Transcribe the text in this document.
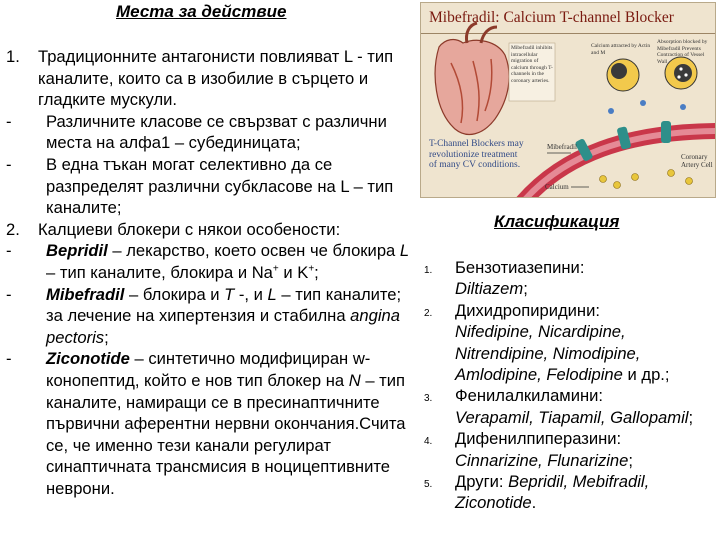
Места за действие
1. Традиционните антагонисти повлияват L - тип каналите, които са в изобилие в сърцето и гладките мускули.
- Различните класове се свързват с различни места на алфа1 – субединицата;
- В една тъкан могат селективно да се разпределят различни субкласове на L – тип каналите;
2. Калциеви блокери с някои особености:
- Bepridil – лекарство, което освен че блокира L – тип каналите, блокира и Na+ и K+;
- Mibefradil – блокира и T -, и L – тип каналите; за лечение на хипертензия и стабилна angina pectoris;
- Ziconotide – синтетично модифициран w-конопептид, който е нов тип блокер на N – тип каналите, намиращи се в пресинаптичните първични аферентни нервни окончания.Счита се, че именно тези канали регулират синаптичната трансмисия в ноцицептивните неврони.
Mibefradil: Calcium T-channel Blocker
Mibefradil inhibits intracellular migration of calcium through T-channels in the coronary arteries.
Calcium attracted by Actin and M
Absorption blocked by Mibefradil Prevents Contraction of Vessel Wall
Mibefradil
Calcium
Coronary Artery Cell
T-Channel Blockers may revolutionize treatment of many CV conditions.
Класификация
1. Бензотиазепини:
Diltiazem;
2. Дихидропиридини:
Nifedipine, Nicardipine, Nitrendipine, Nimodipine, Amlodipine, Felodipine и др.;
3. Фенилалкиламини:
Verapamil, Tiapamil, Gallopamil;
4. Дифенилпиперазини:
Cinnarizine, Flunarizine;
5. Други: Bepridil, Mebifradil, Ziconotide.
